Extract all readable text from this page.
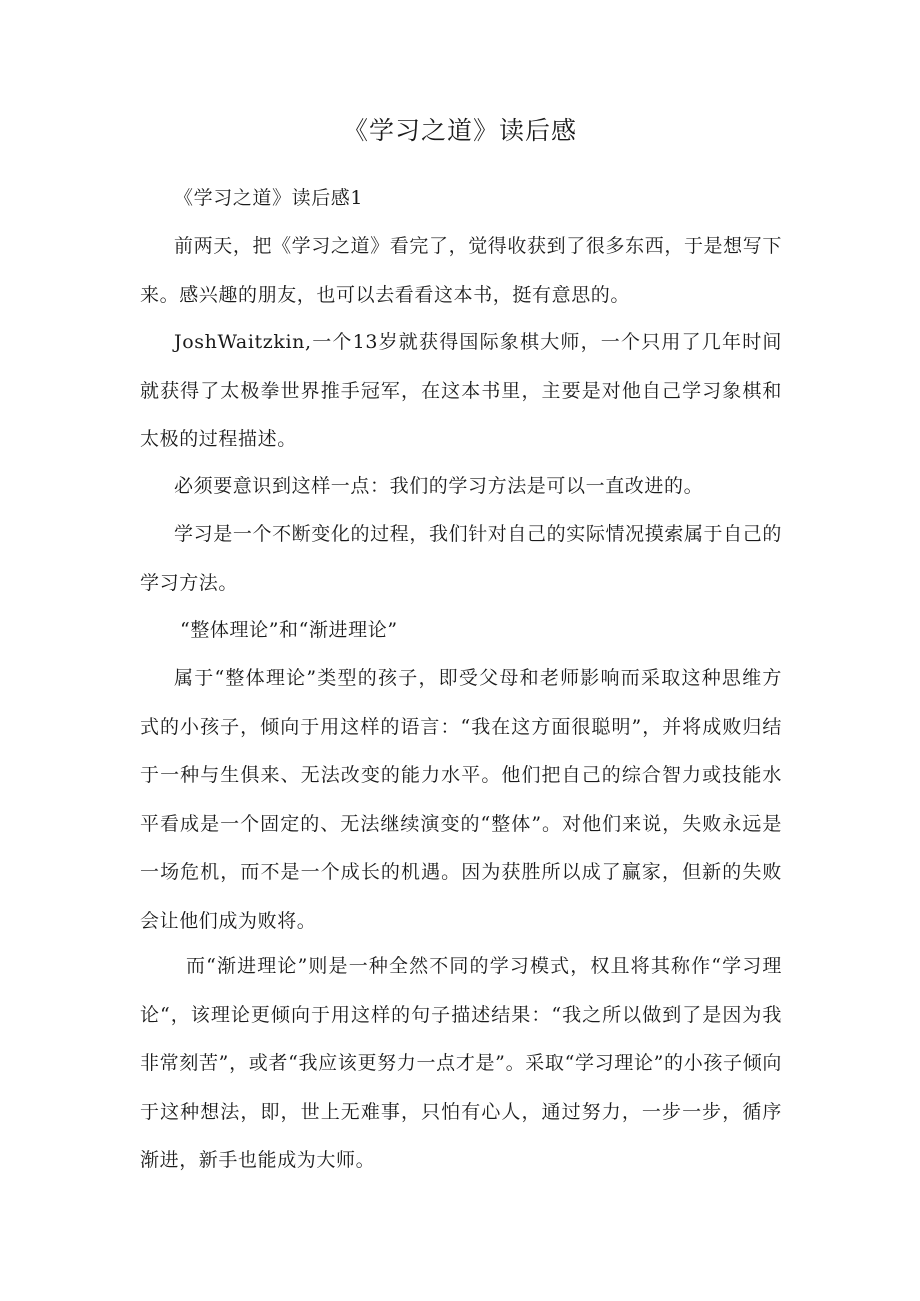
《学习之道》读后感

《学习之道》读后感1

前两天，把《学习之道》看完了，觉得收获到了很多东西，于是想写下来。感兴趣的朋友，也可以去看看这本书，挺有意思的。

JoshWaitzkin,一个13岁就获得国际象棋大师，一个只用了几年时间就获得了太极拳世界推手冠军，在这本书里，主要是对他自己学习象棋和太极的过程描述。

必须要意识到这样一点：我们的学习方法是可以一直改进的。

学习是一个不断变化的过程，我们针对自己的实际情况摸索属于自己的学习方法。

“整体理论”和“渐进理论”

属于“整体理论”类型的孩子，即受父母和老师影响而采取这种思维方式的小孩子，倾向于用这样的语言：“我在这方面很聪明”，并将成败归结于一种与生俱来、无法改变的能力水平。他们把自己的综合智力或技能水平看成是一个固定的、无法继续演变的“整体”。对他们来说，失败永远是一场危机，而不是一个成长的机遇。因为获胜所以成了赢家，但新的失败会让他们成为败将。

而“渐进理论”则是一种全然不同的学习模式，权且将其称作“学习理论“，该理论更倾向于用这样的句子描述结果：“我之所以做到了是因为我非常刻苦”，或者“我应该更努力一点才是”。采取“学习理论”的小孩子倾向于这种想法，即，世上无难事，只怕有心人，通过努力，一步一步，循序渐进，新手也能成为大师。
